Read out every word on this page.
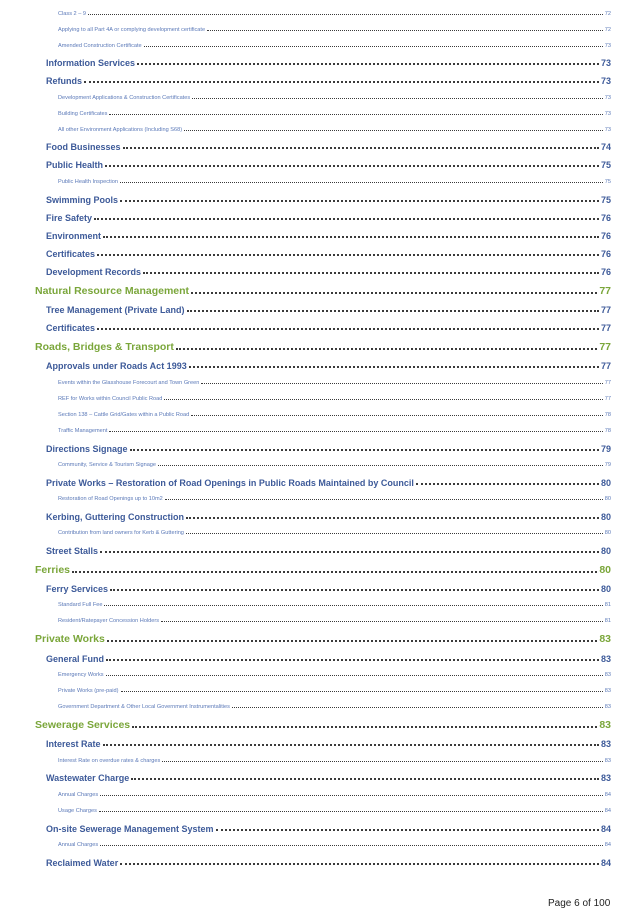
Class 2 – 9	72
Applying to all Part 4A or complying development certificate	72
Amended Construction Certificate	73
Information Services	73
Refunds	73
Development Applications & Construction Certificates	73
Building Certificates	73
All other Environment Applications (Including S68)	73
Food Businesses	74
Public Health	75
Public Health Inspection	75
Swimming Pools	75
Fire Safety	76
Environment	76
Certificates	76
Development Records	76
Natural Resource Management	77
Tree Management (Private Land)	77
Certificates	77
Roads, Bridges & Transport	77
Approvals under Roads Act 1993	77
Events within the Glasshouse Forecourt and Town Green	77
REF for Works within Council Public Road	77
Section 138 – Cattle Grid/Gates within a Public Road	78
Traffic Management	78
Directions Signage	79
Community, Service & Tourism Signage	79
Private Works – Restoration of Road Openings in Public Roads Maintained by Council	80
Restoration of Road Openings up to 10m2	80
Kerbing, Guttering Construction	80
Contribution from land owners for Kerb & Guttering	80
Street Stalls	80
Ferries	80
Ferry Services	80
Standard Full Fee	81
Resident/Ratepayer Concession Holders	81
Private Works	83
General Fund	83
Emergency Works	83
Private Works (pre-paid)	83
Government Department & Other Local Government Instrumentalities	83
Sewerage Services	83
Interest Rate	83
Interest Rate on overdue rates & charges	83
Wastewater Charge	83
Annual Charges	84
Usage Charges	84
On-site Sewerage Management System	84
Annual Charges	84
Reclaimed Water	84
Page 6 of 100
